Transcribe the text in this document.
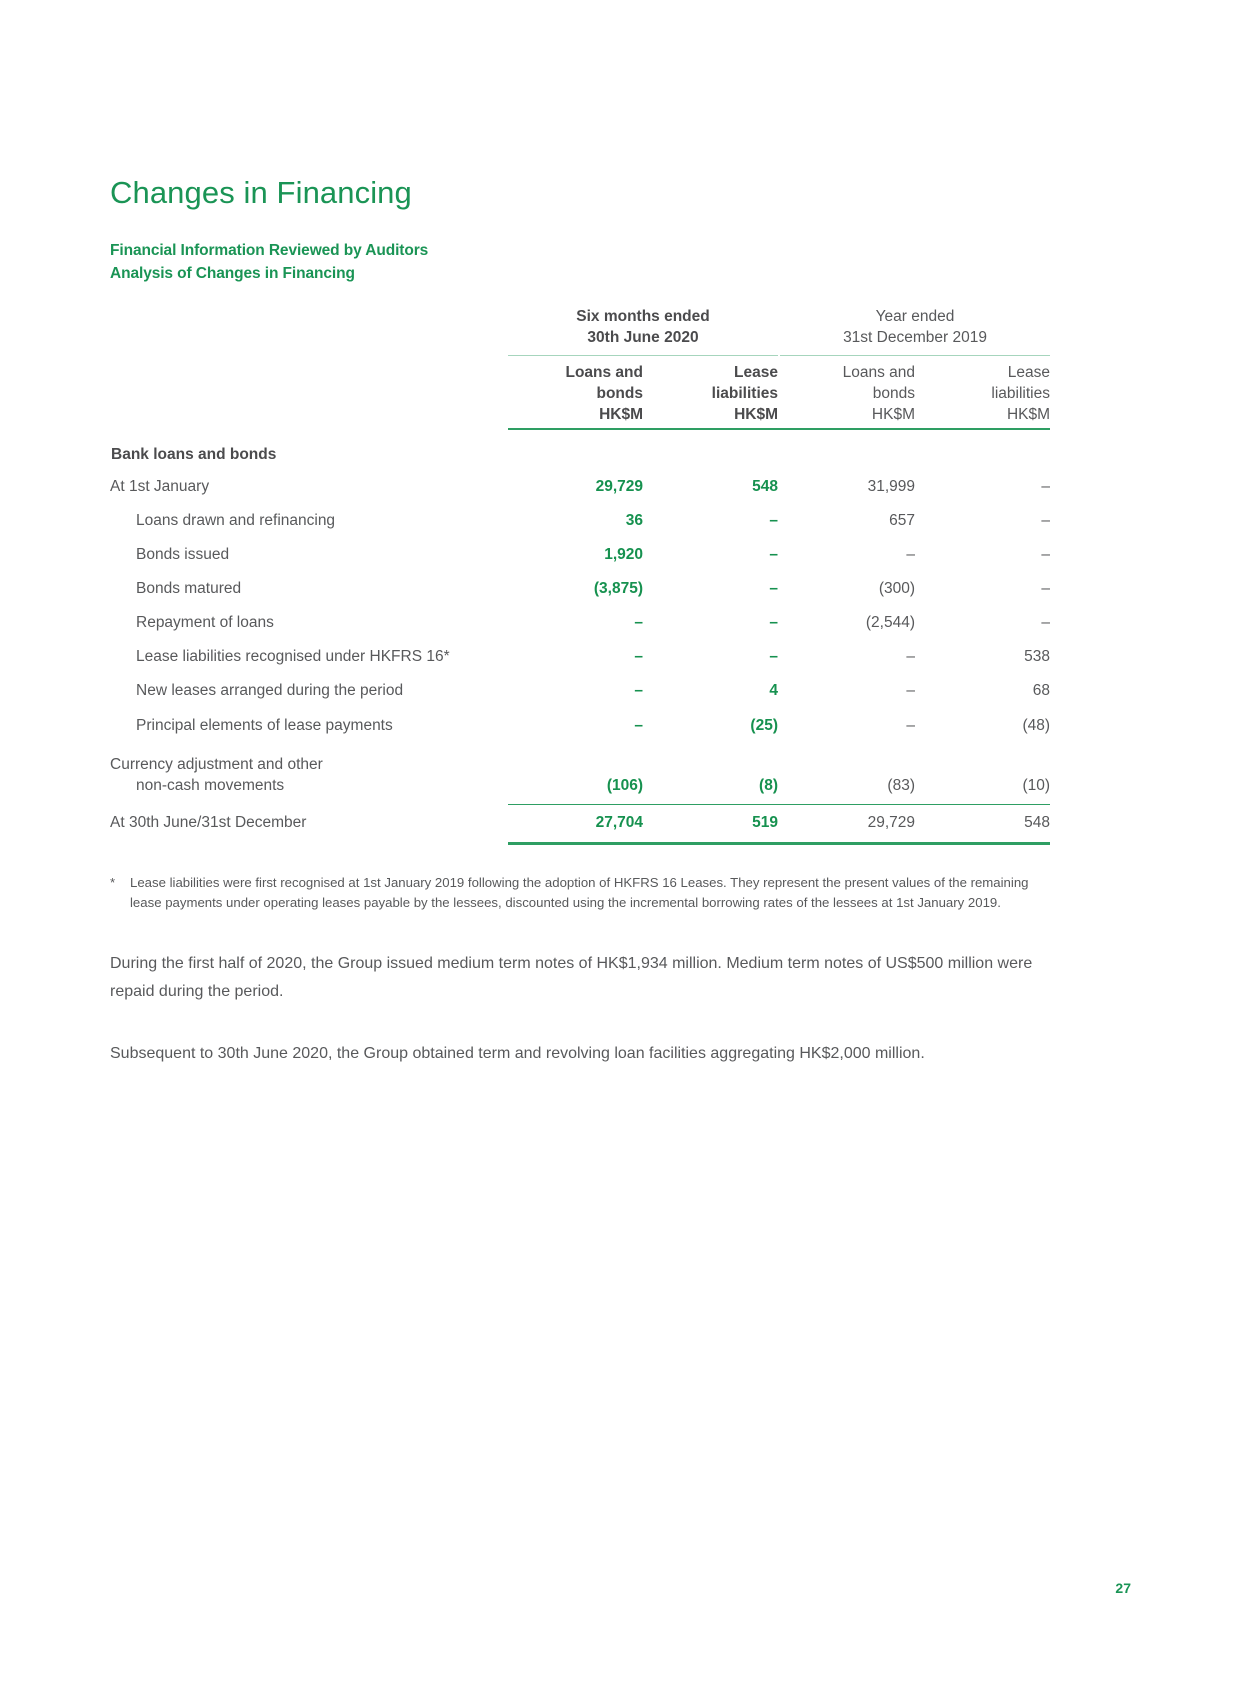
Changes in Financing
Financial Information Reviewed by Auditors
Analysis of Changes in Financing
	Six months ended
30th June 2020			Year ended
31st December 2019	

	Loans and
bonds
HK$M	Lease
liabilities
HK$M		Loans and
bonds
HK$M	Lease
liabilities
HK$M

Bank loans and bonds					
At 1st January	29,729	548		31,999	–
Loans drawn and refinancing	36	–		657	–
Bonds issued	1,920	–		–	–
Bonds matured	(3,875)	–		(300)	–
Repayment of loans	–	–		(2,544)	–
Lease liabilities recognised under HKFRS 16*	–	–		–	538
New leases arranged during the period	–	4		–	68
Principal elements of lease payments	–	(25)		–	(48)
Currency adjustment and other
non-cash movements	(106)	(8)		(83)	(10)

At 30th June/31st December	27,704	519		29,729	548

*	Lease liabilities were first recognised at 1st January 2019 following the adoption of HKFRS 16 Leases. They represent the present values of the remaining lease payments under operating leases payable by the lessees, discounted using the incremental borrowing rates of the lessees at 1st January 2019.

During the first half of 2020, the Group issued medium term notes of HK$1,934 million. Medium term notes of US$500 million were repaid during the period.

Subsequent to 30th June 2020, the Group obtained term and revolving loan facilities aggregating HK$2,000 million.

27
